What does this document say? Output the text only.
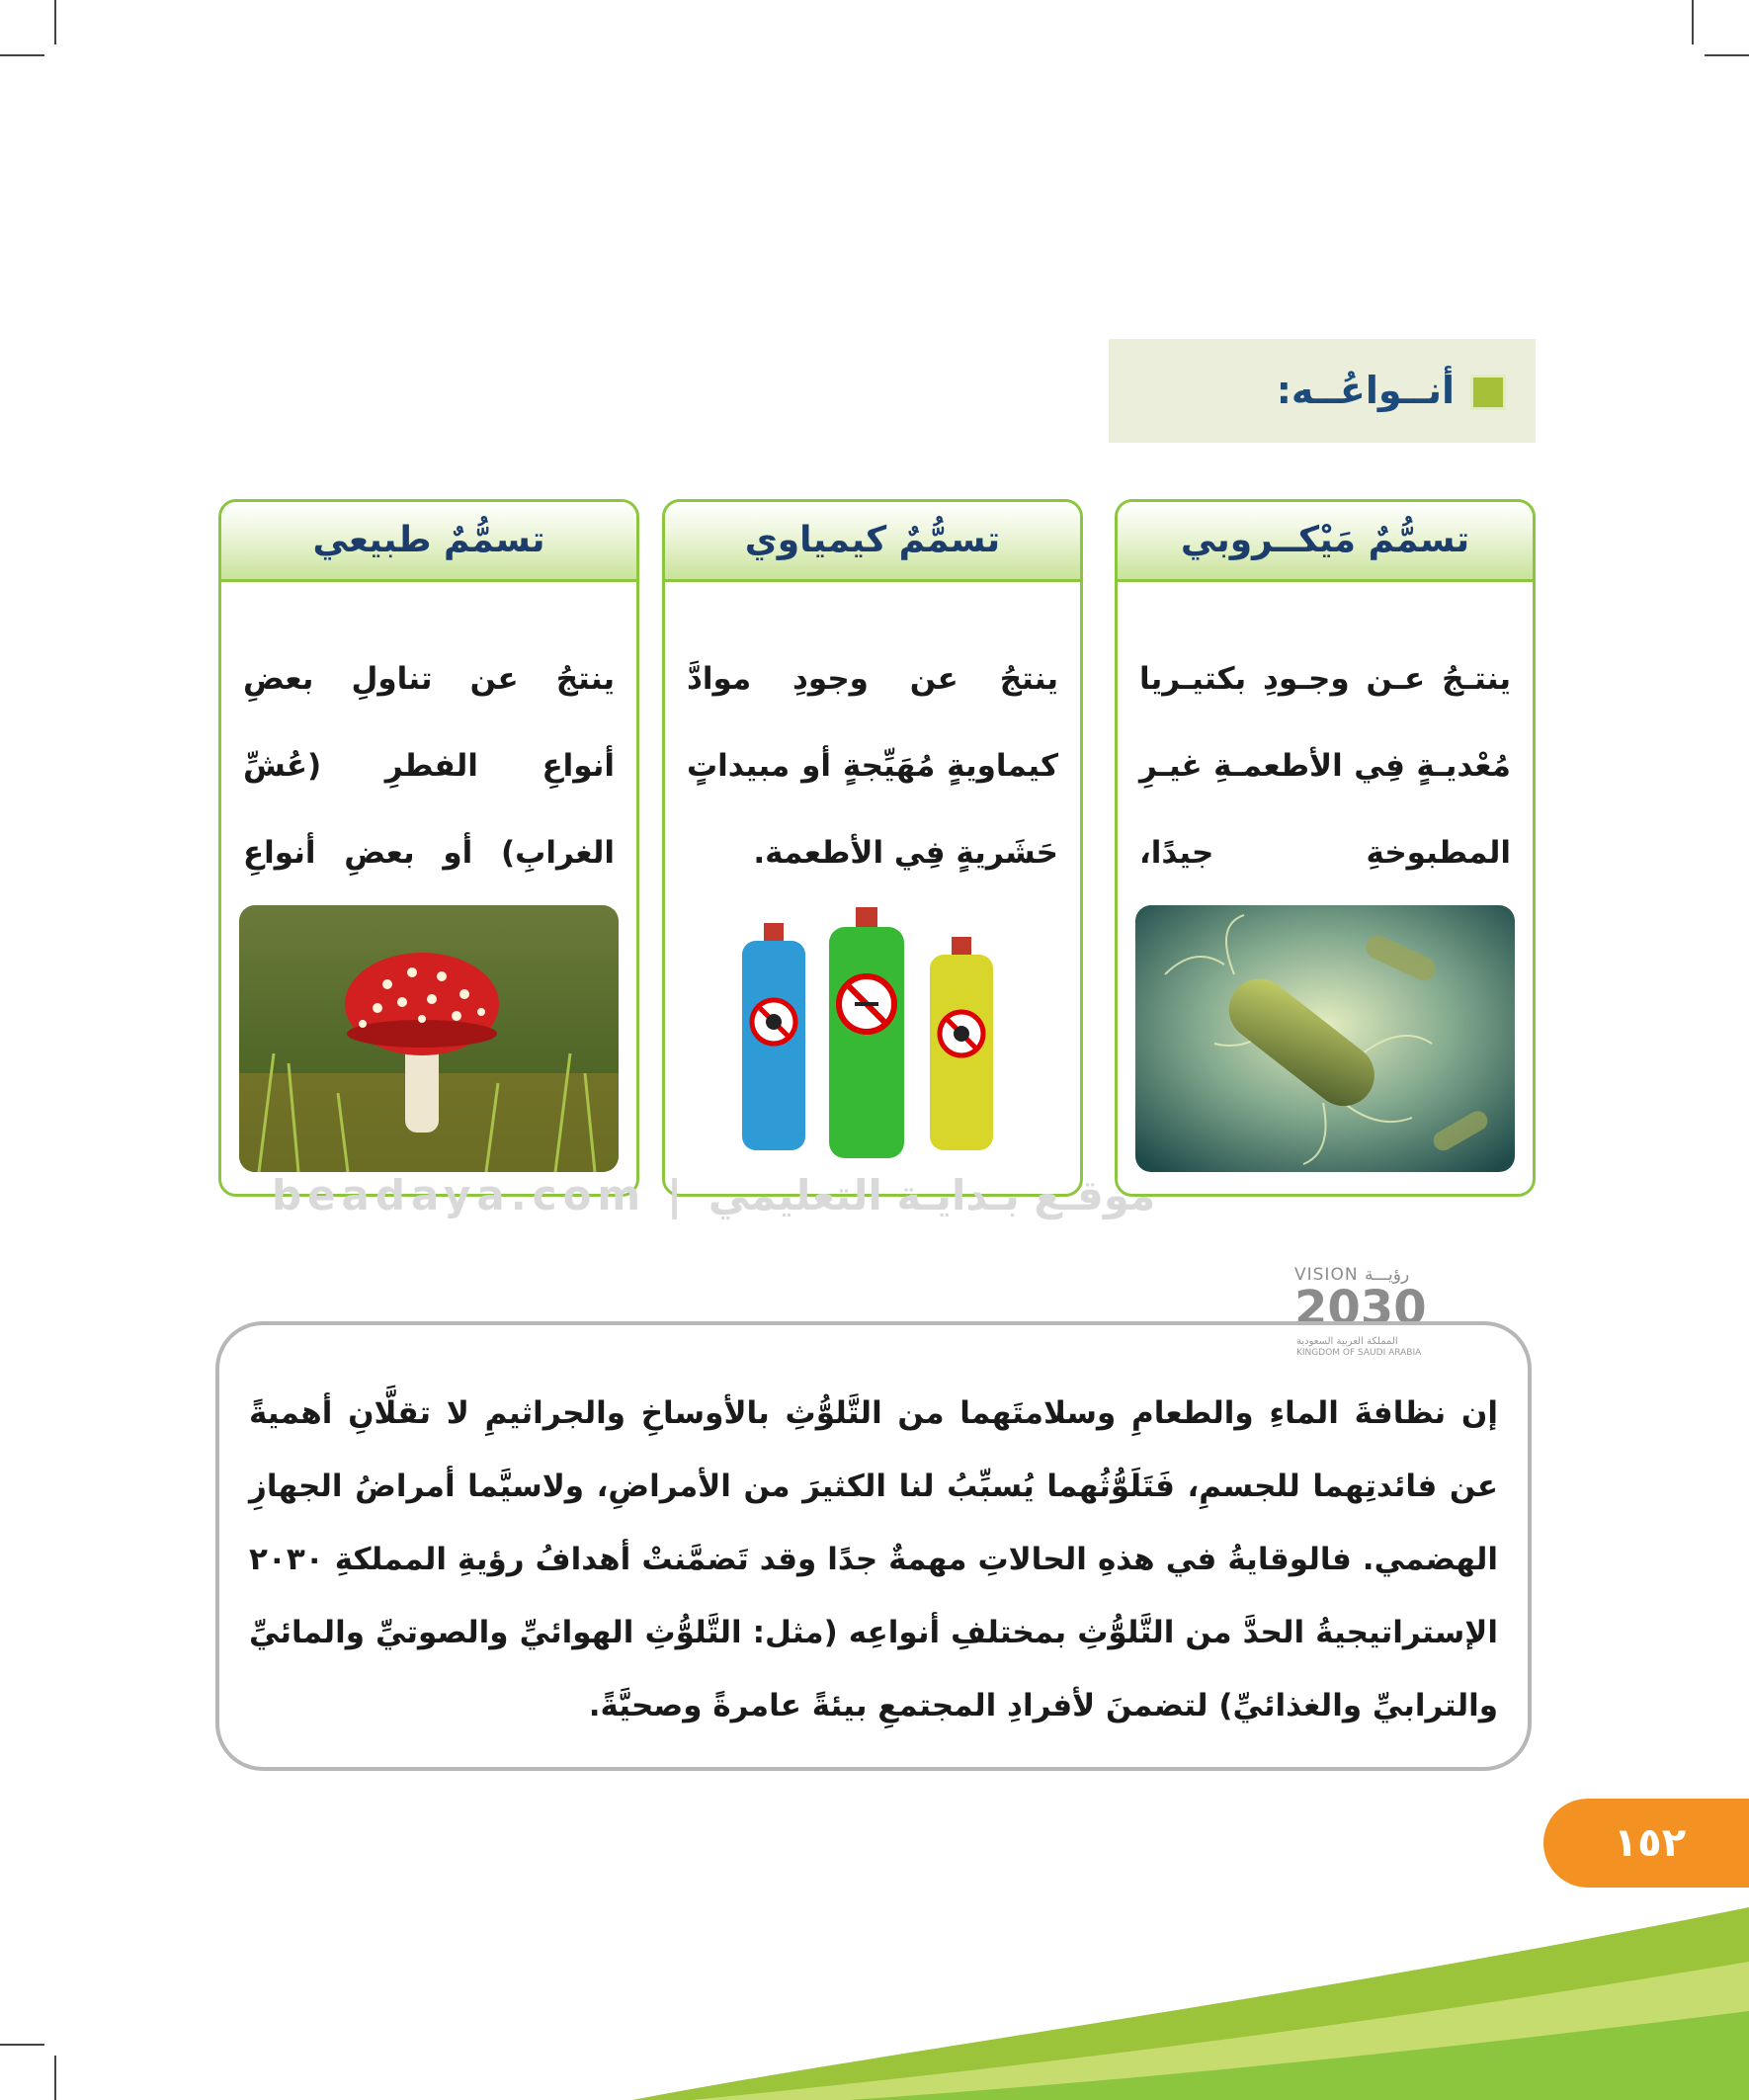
أنــواعُــه:
تسمُّمٌ مَيْكــروبي
ينتـجُ عـن وجـودِ بكتيـريا مُعْديـةٍ فِي الأطعمـةِ غيـرِ المطبوخةِ جيدًا،
تسمُّمٌ كيمياوي
ينتجُ عن وجودِ موادَّ كيماويةٍ مُهَيِّجةٍ أو مبيداتٍ حَشَريةٍ فِي الأطعمة.
تسمُّمٌ طبيعي
ينتجُ عن تناولِ بعضِ أنواعِ الفطرِ (عُشِّ الغرابِ) أو بعضِ أنواعِ
beadaya.com | موقـع بـدايـة التعليمي
VISION رؤيـــة
2030
المملكة العربية السعودية
KINGDOM OF SAUDI ARABIA
إن نظافةَ الماءِ والطعامِ وسلامتَهما من التَّلوُّثِ بالأوساخِ والجراثيمِ لا تقلَّانِ أهميةً عن فائدتِهما للجسمِ، فَتَلَوُّثُهما يُسبِّبُ لنا الكثيرَ من الأمراضِ، ولاسيَّما أمراضُ الجهازِ الهضمي. فالوقايةُ في هذهِ الحالاتِ مهمةٌ جدًا وقد تَضمَّنتْ أهدافُ رؤيةِ المملكةِ ٢٠٣٠ الإستراتيجيةُ الحدَّ من التَّلوُّثِ بمختلفِ أنواعِه (مثل: التَّلوُّثِ الهوائيِّ والصوتيِّ والمائيِّ والترابيِّ والغذائيِّ) لتضمنَ لأفرادِ المجتمعِ بيئةً عامرةً وصحيَّةً.
١٥٢
